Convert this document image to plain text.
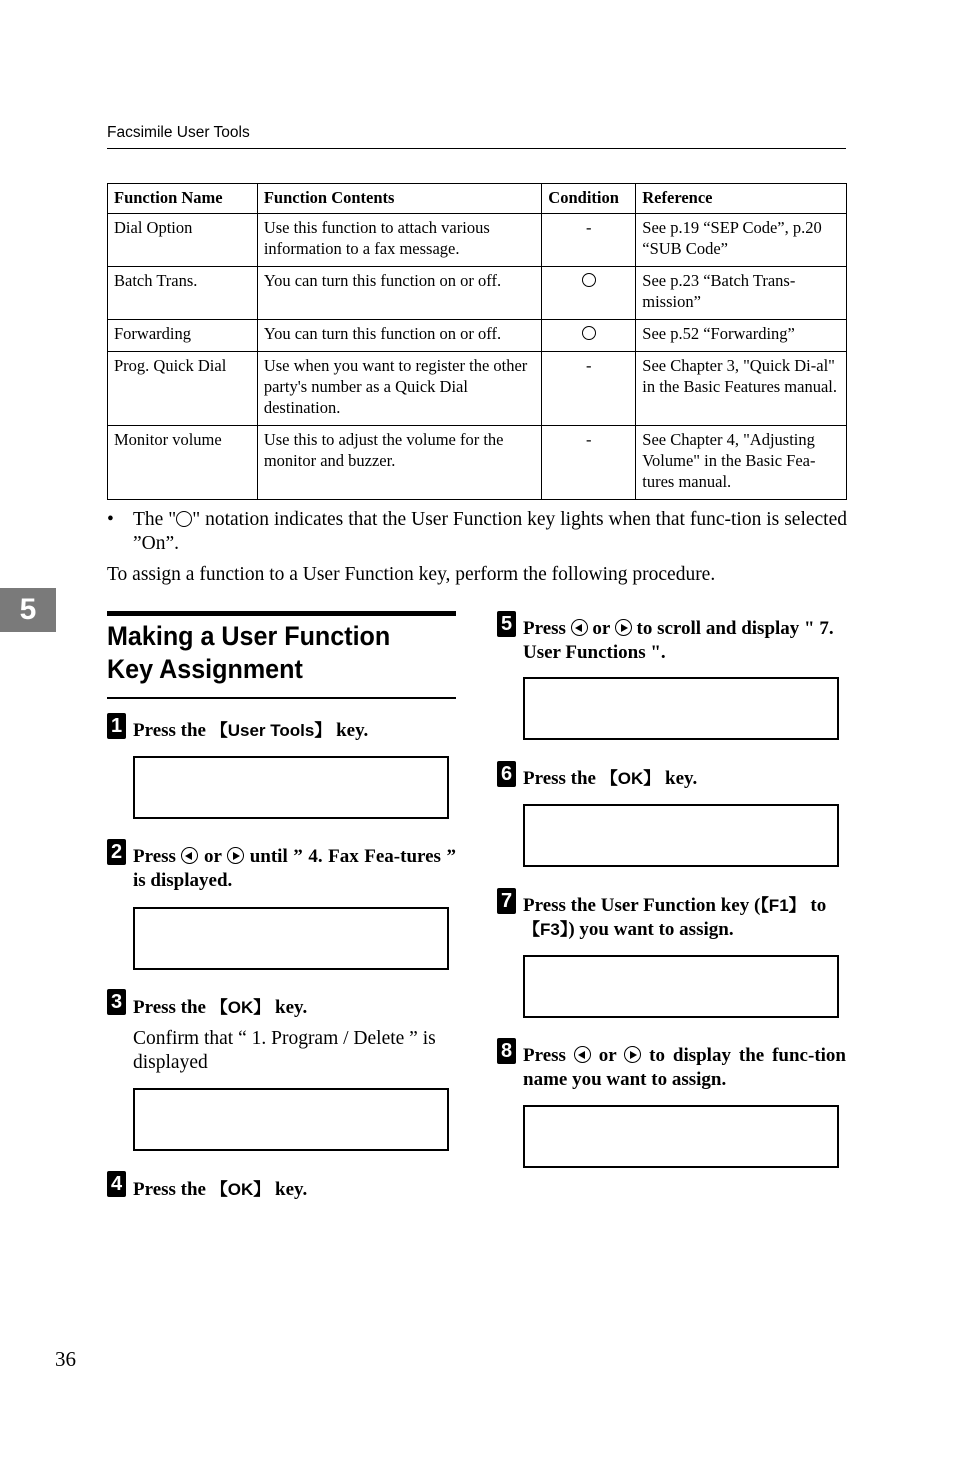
Facsimile User Tools
Function Name	Function Contents	Condition	Reference
Dial Option	Use this function to attach various information to a fax message.	-	See p.19 “SEP Code”, p.20 “SUB Code”
Batch Trans.	You can turn this function on or off.		See p.23 “Batch Trans-mission”
Forwarding	You can turn this function on or off.		See p.52 “Forwarding”
Prog. Quick Dial	Use when you want to register the other party's number as a Quick Dial destination.	-	See Chapter 3, "Quick Di-al" in the Basic Features manual.
Monitor volume	Use this to adjust the volume for the monitor and buzzer.	-	See Chapter 4, "Adjusting Volume" in the Basic Fea-tures manual.
• The " " notation indicates that the User Function key lights when that func-tion is selected ”On”.
To assign a function to a User Function key, perform the following procedure.
5
Making a User Function Key Assignment
1 Press the 【User Tools】 key.

2 Press  or  until ” 4. Fax Fea-tures ” is displayed.

3 Press the 【OK】 key.
Confirm that “ 1. Program / Delete ” is displayed

4 Press the 【OK】 key.
5 Press  or  to scroll and display " 7. User Functions ".

6 Press the 【OK】 key.

7 Press the User Function key (【F1】 to 【F3】) you want to assign.

8 Press  or  to display the func-tion name you want to assign.

36
